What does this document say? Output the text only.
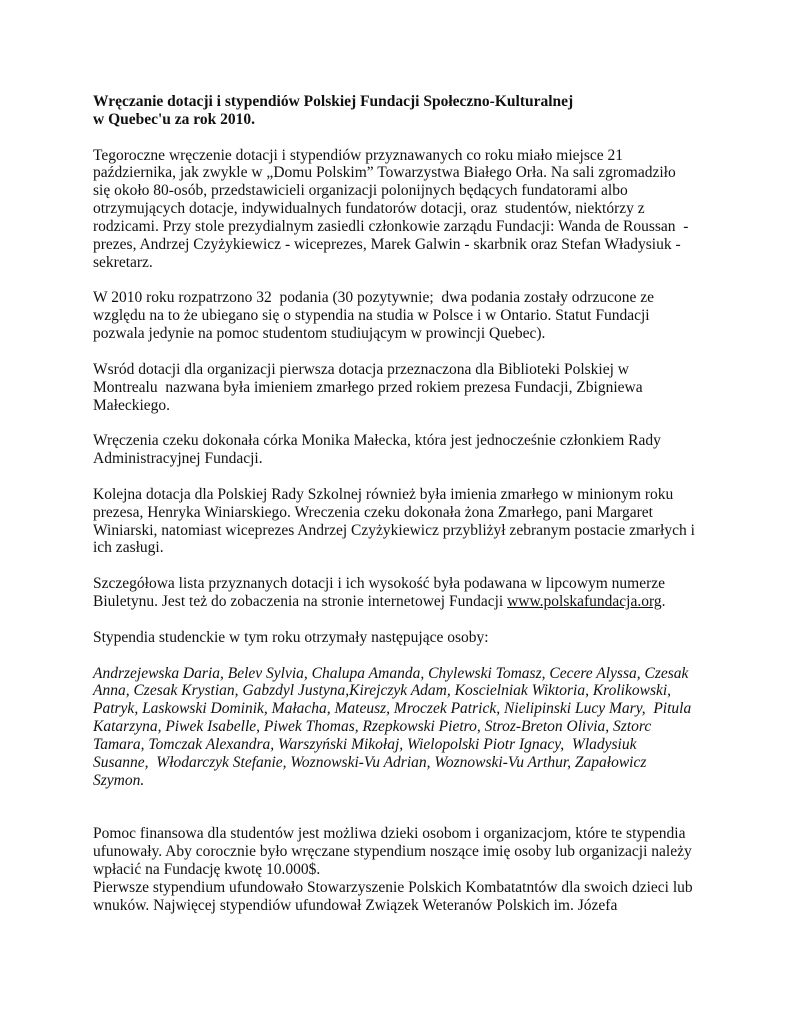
Wręczanie dotacji i stypendiów Polskiej Fundacji Społeczno-Kulturalnej
w Quebec'u za rok 2010.
Tegoroczne wręczenie dotacji i stypendiów przyznawanych co roku miało miejsce 21
października, jak zwykle w „Domu Polskim” Towarzystwa Białego Orła. Na sali zgromadziło
się około 80-osób, przedstawicieli organizacji polonijnych będących fundatorami albo
otrzymujących dotacje, indywidualnych fundatorów dotacji, oraz  studentów, niektórzy z
rodzicami. Przy stole prezydialnym zasiedli członkowie zarządu Fundacji: Wanda de Roussan  -
prezes, Andrzej Czyżykiewicz - wiceprezes, Marek Galwin - skarbnik oraz Stefan Władysiuk -
sekretarz.
W 2010 roku rozpatrzono 32  podania (30 pozytywnie;  dwa podania zostały odrzucone ze
względu na to że ubiegano się o stypendia na studia w Polsce i w Ontario. Statut Fundacji
pozwala jedynie na pomoc studentom studiującym w prowincji Quebec).
Wsród dotacji dla organizacji pierwsza dotacja przeznaczona dla Biblioteki Polskiej w
Montrealu  nazwana była imieniem zmarłego przed rokiem prezesa Fundacji, Zbigniewa
Małeckiego.
Wręczenia czeku dokonała córka Monika Małecka, która jest jednocześnie członkiem Rady
Administracyjnej Fundacji.
Kolejna dotacja dla Polskiej Rady Szkolnej również była imienia zmarłego w minionym roku
prezesa, Henryka Winiarskiego. Wreczenia czeku dokonała żona Zmarłego, pani Margaret
Winiarski, natomiast wiceprezes Andrzej Czyżykiewicz przybliżył zebranym postacie zmarłych i
ich zasługi.
Szczegółowa lista przyznanych dotacji i ich wysokość była podawana w lipcowym numerze
Biuletynu. Jest też do zobaczenia na stronie internetowej Fundacji www.polskafundacja.org.
Stypendia studenckie w tym roku otrzymały następujące osoby:
Andrzejewska Daria, Belev Sylvia, Chalupa Amanda, Chylewski Tomasz, Cecere Alyssa, Czesak
Anna, Czesak Krystian, Gabzdyl Justyna,Kirejczyk Adam, Koscielniak Wiktoria, Krolikowski,
Patryk, Laskowski Dominik, Małacha, Mateusz, Mroczek Patrick, Nielipinski Lucy Mary,  Pitula
Katarzyna, Piwek Isabelle, Piwek Thomas, Rzepkowski Pietro, Stroz-Breton Olivia, Sztorc
Tamara, Tomczak Alexandra, Warszyński Mikołaj, Wielopolski Piotr Ignacy,  Wladysiuk
Susanne,  Włodarczyk Stefanie, Woznowski-Vu Adrian, Woznowski-Vu Arthur, Zapałowicz
Szymon.
Pomoc finansowa dla studentów jest możliwa dzieki osobom i organizacjom, które te stypendia
ufunowały. Aby corocznie było wręczane stypendium noszące imię osoby lub organizacji należy
wpłacić na Fundację kwotę 10.000$.
Pierwsze stypendium ufundowało Stowarzyszenie Polskich Kombatatntów dla swoich dzieci lub
wnuków. Najwięcej stypendiów ufundował Związek Weteranów Polskich im. Józefa
